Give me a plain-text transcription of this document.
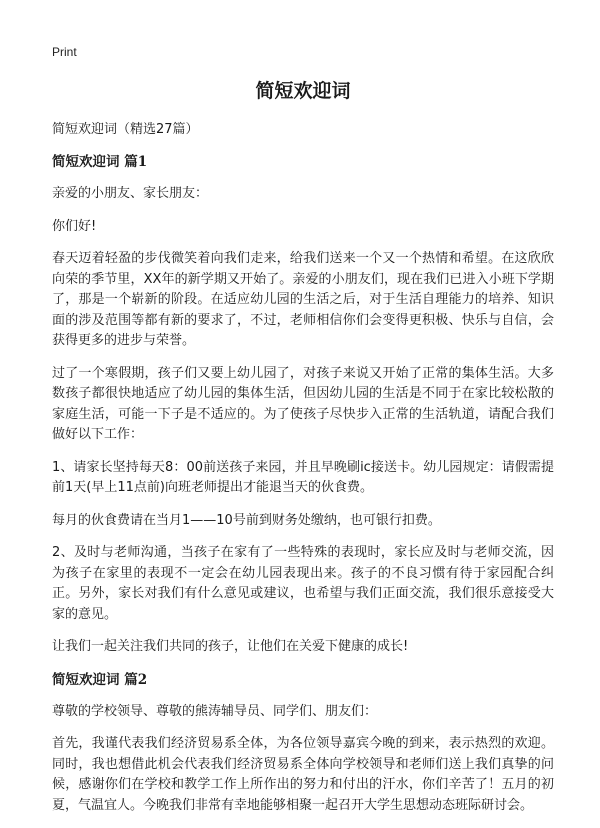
Print
简短欢迎词
简短欢迎词（精选27篇）
简短欢迎词 篇1

亲爱的小朋友、家长朋友：

你们好!

春天迈着轻盈的步伐微笑着向我们走来，给我们送来一个又一个热情和希望。在这欣欣向荣的季节里，XX年的新学期又开始了。亲爱的小朋友们，现在我们已进入小班下学期了，那是一个崭新的阶段。在适应幼儿园的生活之后，对于生活自理能力的培养、知识面的涉及范围等都有新的要求了，不过，老师相信你们会变得更积极、快乐与自信，会获得更多的进步与荣誉。

过了一个寒假期，孩子们又要上幼儿园了，对孩子来说又开始了正常的集体生活。大多数孩子都很快地适应了幼儿园的集体生活，但因幼儿园的生活是不同于在家比较松散的家庭生活，可能一下子是不适应的。为了使孩子尽快步入正常的生活轨道，请配合我们做好以下工作：

1、请家长坚持每天8：00前送孩子来园，并且早晚刷ic接送卡。幼儿园规定：请假需提前1天(早上11点前)向班老师提出才能退当天的伙食费。

每月的伙食费请在当月1——10号前到财务处缴纳，也可银行扣费。

2、及时与老师沟通，当孩子在家有了一些特殊的表现时，家长应及时与老师交流，因为孩子在家里的表现不一定会在幼儿园表现出来。孩子的不良习惯有待于家园配合纠正。另外，家长对我们有什么意见或建议，也希望与我们正面交流，我们很乐意接受大家的意见。

让我们一起关注我们共同的孩子，让他们在关爱下健康的成长!

简短欢迎词 篇2

尊敬的学校领导、尊敬的熊涛辅导员、同学们、朋友们：

首先，我谨代表我们经济贸易系全体，为各位领导嘉宾今晚的到来，表示热烈的欢迎。同时，我也想借此机会代表我们经济贸易系全体向学校领导和老师们送上我们真挚的问候，感谢你们在学校和教学工作上所作出的努力和付出的汗水，你们辛苦了！五月的初夏，气温宜人。今晚我们非常有幸地能够相聚一起召开大学生思想动态班际研讨会。
